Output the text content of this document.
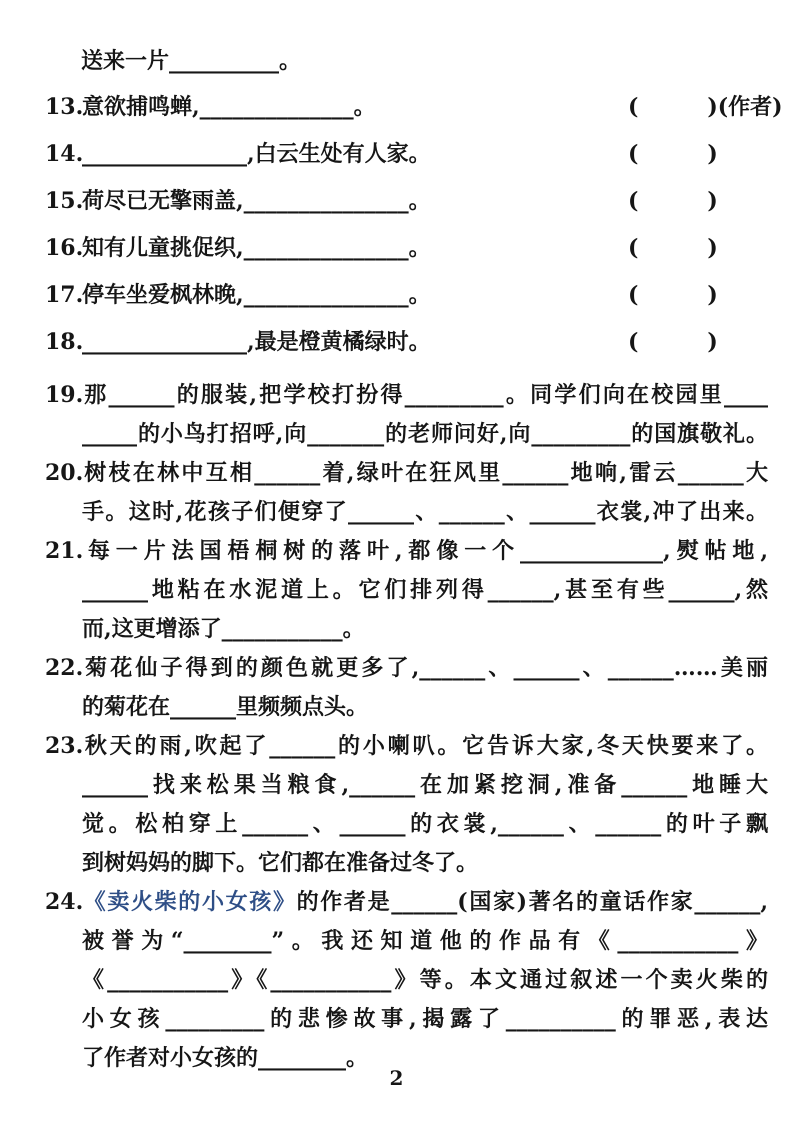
送来一片__________。
13.意欲捕鸣蝉,______________。	(         )(作者)
14._______________,白云生处有人家。	(         )
15.荷尽已无擎雨盖,_______________。	(         )
16.知有儿童挑促织,_______________。	(         )
17.停车坐爱枫林晚,_______________。	(         )
18._______________,最是橙黄橘绿时。	(         )
19.那______的服装,把学校打扮得_________。同学们向在校园里____
_____的小鸟打招呼,向_______的老师问好,向_________的国旗敬礼。
20.树枝在林中互相______着,绿叶在狂风里______地响,雷云______大
手。这时,花孩子们便穿了______、______、______衣裳,冲了出来。
21.每一片法国梧桐树的落叶,都像一个_____________,熨帖地,
______地粘在水泥道上。它们排列得______,甚至有些______,然
而,这更增添了___________。
22.菊花仙子得到的颜色就更多了,______、______、______……美丽
的菊花在______里频频点头。
23.秋天的雨,吹起了______的小喇叭。它告诉大家,冬天快要来了。
______找来松果当粮食,______在加紧挖洞,准备______地睡大
觉。松柏穿上______、______的衣裳,______、______的叶子飘
到树妈妈的脚下。它们都在准备过冬了。
24.《卖火柴的小女孩》的作者是______(国家)著名的童话作家______,
被誉为“________”。我还知道他的作品有《___________》
《___________》《___________》等。本文通过叙述一个卖火柴的
小女孩_________的悲惨故事,揭露了__________的罪恶,表达
了作者对小女孩的________。
2
